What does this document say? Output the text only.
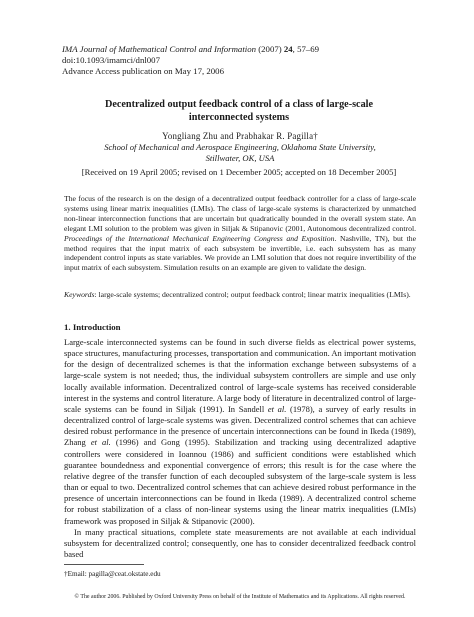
IMA Journal of Mathematical Control and Information (2007) 24, 57–69
doi:10.1093/imamci/dnl007
Advance Access publication on May 17, 2006
Decentralized output feedback control of a class of large-scale
interconnected systems
Yongliang Zhu and Prabhakar R. Pagilla†
School of Mechanical and Aerospace Engineering, Oklahoma State University,
Stillwater, OK, USA
[Received on 19 April 2005; revised on 1 December 2005; accepted on 18 December 2005]
The focus of the research is on the design of a decentralized output feedback controller for a class of large-scale systems using linear matrix inequalities (LMIs). The class of large-scale systems is characterized by unmatched non-linear interconnection functions that are uncertain but quadratically bounded in the overall system state. An elegant LMI solution to the problem was given in Siljak & Stipanovic (2001, Autonomous decentralized control. Proceedings of the International Mechanical Engineering Congress and Exposition. Nashville, TN), but the method requires that the input matrix of each subsystem be invertible, i.e. each subsystem has as many independent control inputs as state variables. We provide an LMI solution that does not require invertibility of the input matrix of each subsystem. Simulation results on an example are given to validate the design.
Keywords: large-scale systems; decentralized control; output feedback control; linear matrix inequalities (LMIs).
1. Introduction

Large-scale interconnected systems can be found in such diverse fields as electrical power systems, space structures, manufacturing processes, transportation and communication. An important motivation for the design of decentralized schemes is that the information exchange between subsystems of a large-scale system is not needed; thus, the individual subsystem controllers are simple and use only locally available information. Decentralized control of large-scale systems has received considerable interest in the systems and control literature. A large body of literature in decentralized control of large-scale systems can be found in Siljak (1991). In Sandell et al. (1978), a survey of early results in decentralized control of large-scale systems was given. Decentralized control schemes that can achieve desired robust performance in the presence of uncertain interconnections can be found in Ikeda (1989), Zhang et al. (1996) and Gong (1995). Stabilization and tracking using decentralized adaptive controllers were considered in Ioannou (1986) and sufficient conditions were established which guarantee boundedness and exponential convergence of errors; this result is for the case where the relative degree of the transfer function of each decoupled subsystem of the large-scale system is less than or equal to two. Decentralized control schemes that can achieve desired robust performance in the presence of uncertain interconnections can be found in Ikeda (1989). A decentralized control scheme for robust stabilization of a class of non-linear systems using the linear matrix inequalities (LMIs) framework was proposed in Siljak & Stipanovic (2000).

In many practical situations, complete state measurements are not available at each individual subsystem for decentralized control; consequently, one has to consider decentralized feedback control based

†Email: pagilla@ceat.okstate.edu
© The author 2006. Published by Oxford University Press on behalf of the Institute of Mathematics and its Applications. All rights reserved.
